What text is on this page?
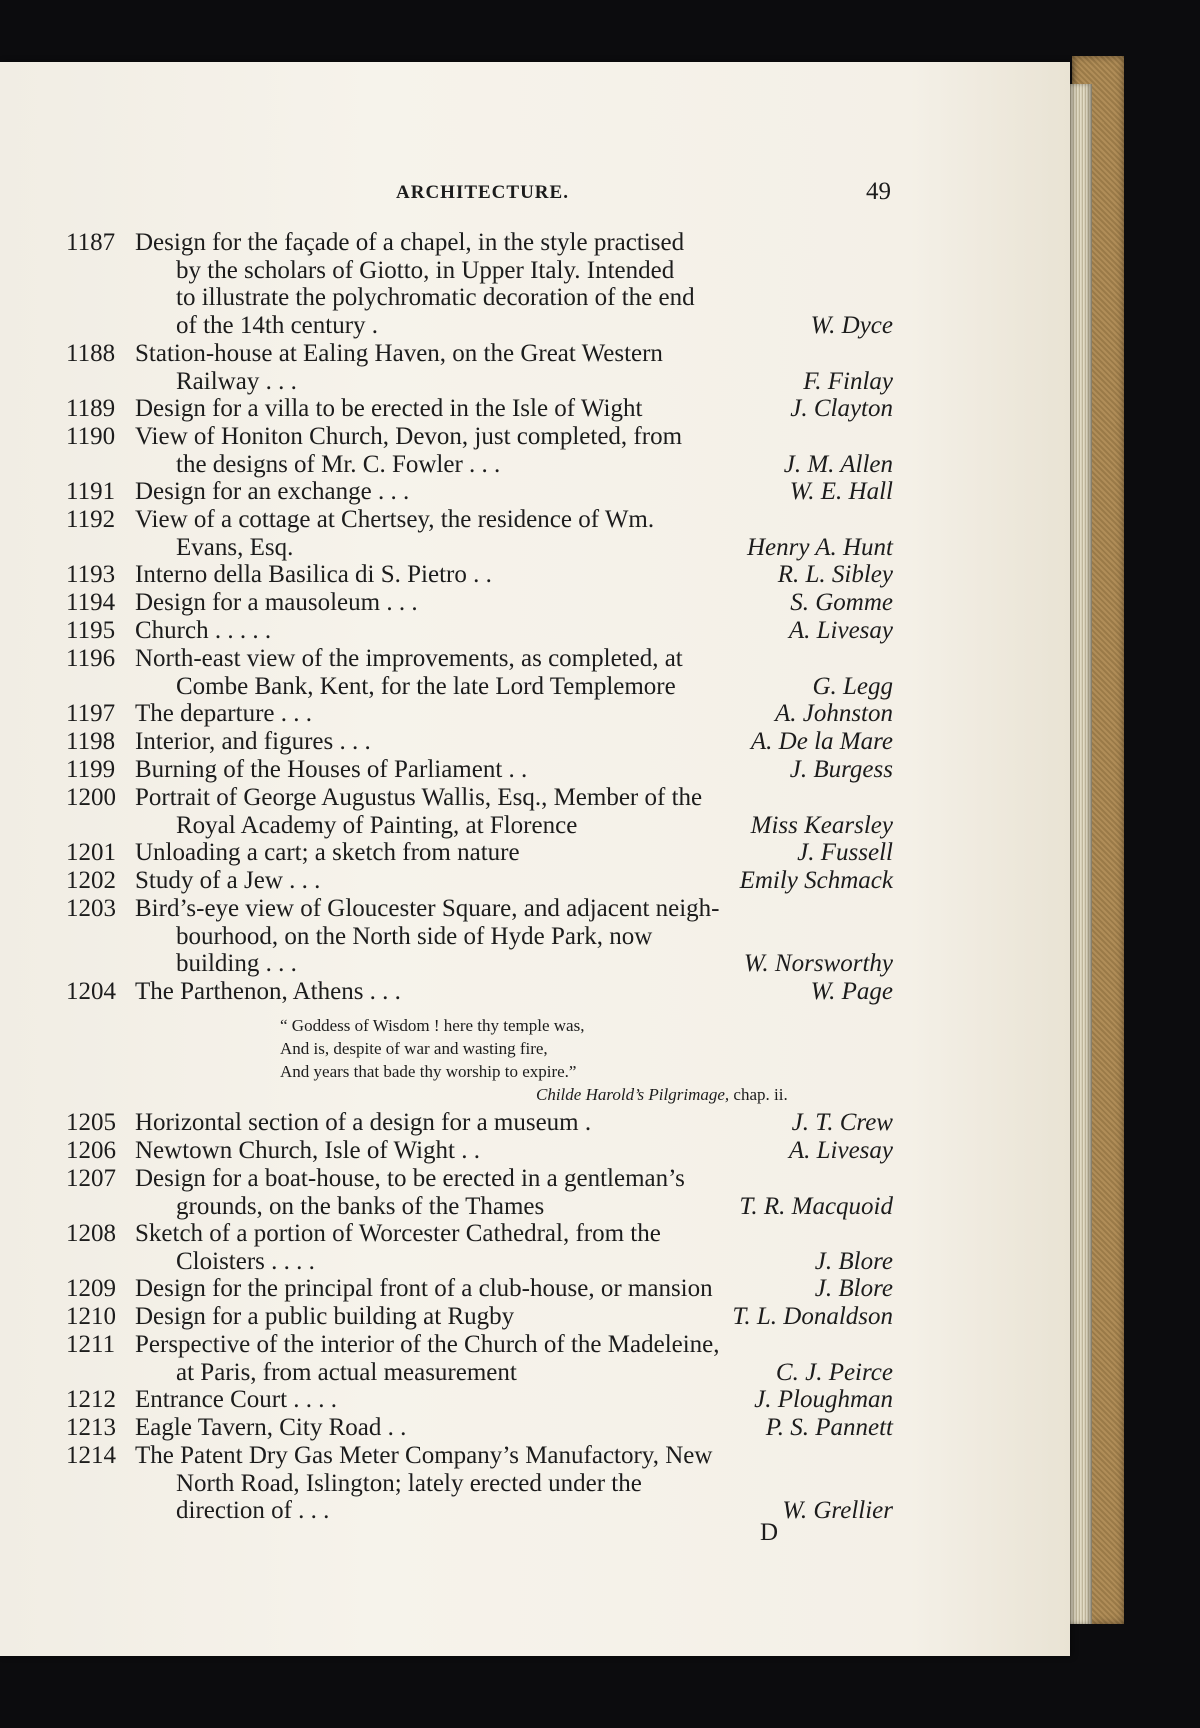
ARCHITECTURE.	49
1187 Design for the façade of a chapel, in the style practised
by the scholars of Giotto, in Upper Italy. Intended
to illustrate the polychromatic decoration of the end
of the 14th century .	W. Dyce
1188 Station-house at Ealing Haven, on the Great Western
Railway . . .	F. Finlay
1189 Design for a villa to be erected in the Isle of Wight	J. Clayton
1190 View of Honiton Church, Devon, just completed, from
the designs of Mr. C. Fowler . . .	J. M. Allen
1191 Design for an exchange . . .	W. E. Hall
1192 View of a cottage at Chertsey, the residence of Wm.
Evans, Esq.	Henry A. Hunt
1193 Interno della Basilica di S. Pietro . .	R. L. Sibley
1194 Design for a mausoleum . . .	S. Gomme
1195 Church . . . . .	A. Livesay
1196 North-east view of the improvements, as completed, at
Combe Bank, Kent, for the late Lord Templemore	G. Legg
1197 The departure . . .	A. Johnston
1198 Interior, and figures . . .	A. De la Mare
1199 Burning of the Houses of Parliament . .	J. Burgess
1200 Portrait of George Augustus Wallis, Esq., Member of the
Royal Academy of Painting, at Florence	Miss Kearsley
1201 Unloading a cart; a sketch from nature	J. Fussell
1202 Study of a Jew . . .	Emily Schmack
1203 Bird’s-eye view of Gloucester Square, and adjacent neigh-
bourhood, on the North side of Hyde Park, now
building . . .	W. Norsworthy
1204 The Parthenon, Athens . . .	W. Page
“ Goddess of Wisdom ! here thy temple was,
And is, despite of war and wasting fire,
And years that bade thy worship to expire.”
Childe Harold’s Pilgrimage, chap. ii.
1205 Horizontal section of a design for a museum .	J. T. Crew
1206 Newtown Church, Isle of Wight . .	A. Livesay
1207 Design for a boat-house, to be erected in a gentleman’s
grounds, on the banks of the Thames	T. R. Macquoid
1208 Sketch of a portion of Worcester Cathedral, from the
Cloisters . . . .	J. Blore
1209 Design for the principal front of a club-house, or mansion	J. Blore
1210 Design for a public building at Rugby	T. L. Donaldson
1211 Perspective of the interior of the Church of the Madeleine,
at Paris, from actual measurement	C. J. Peirce
1212 Entrance Court . . . .	J. Ploughman
1213 Eagle Tavern, City Road . .	P. S. Pannett
1214 The Patent Dry Gas Meter Company’s Manufactory, New
North Road, Islington; lately erected under the
direction of . . .	W. Grellier
D
